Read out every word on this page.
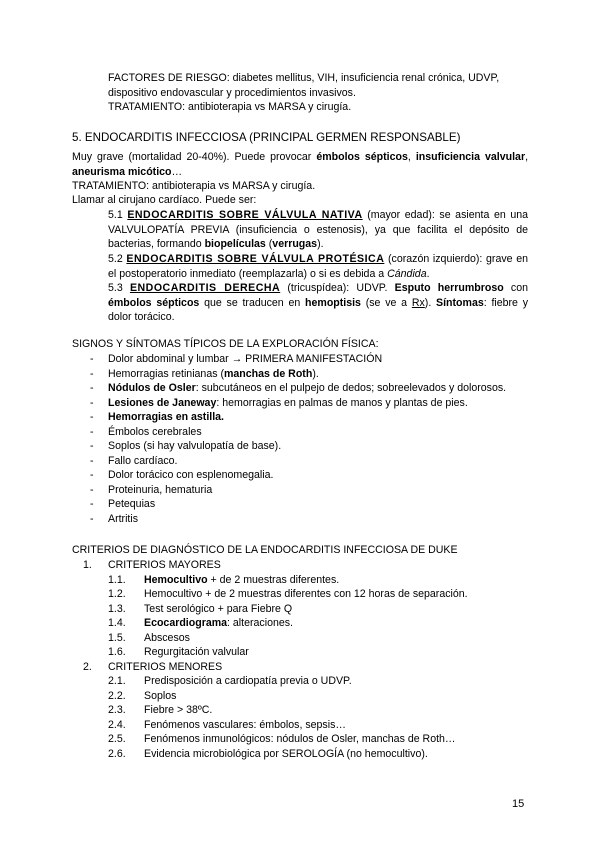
FACTORES DE RIESGO: diabetes mellitus, VIH, insuficiencia renal crónica, UDVP,
dispositivo endovascular y procedimientos invasivos.
TRATAMIENTO: antibioterapia vs MARSA y cirugía.
5. ENDOCARDITIS INFECCIOSA (PRINCIPAL GERMEN RESPONSABLE)
Muy grave (mortalidad 20-40%). Puede provocar émbolos sépticos, insuficiencia valvular, aneurisma micótico…
TRATAMIENTO: antibioterapia vs MARSA y cirugía.
Llamar al cirujano cardíaco. Puede ser:
5.1 ENDOCARDITIS SOBRE VÁLVULA NATIVA (mayor edad): se asienta en una VALVULOPATÍA PREVIA (insuficiencia o estenosis), ya que facilita el depósito de bacterias, formando biopelículas (verrugas).
5.2 ENDOCARDITIS SOBRE VÁLVULA PROTÉSICA (corazón izquierdo): grave en el postoperatorio inmediato (reemplazarla) o si es debida a Cándida.
5.3 ENDOCARDITIS DERECHA (tricuspídea): UDVP. Esputo herrumbroso con émbolos sépticos que se traducen en hemoptisis (se ve a Rx). Síntomas: fiebre y dolor torácico.
SIGNOS Y SÍNTOMAS TÍPICOS DE LA EXPLORACIÓN FÍSICA:
- Dolor abdominal y lumbar → PRIMERA MANIFESTACIÓN
- Hemorragias retinianas (manchas de Roth).
- Nódulos de Osler: subcutáneos en el pulpejo de dedos; sobreelevados y dolorosos.
- Lesiones de Janeway: hemorragias en palmas de manos y plantas de pies.
- Hemorragias en astilla.
- Émbolos cerebrales
- Soplos (si hay valvulopatía de base).
- Fallo cardíaco.
- Dolor torácico con esplenomegalia.
- Proteinuria, hematuria
- Petequias
- Artritis
CRITERIOS DE DIAGNÓSTICO DE LA ENDOCARDITIS INFECCIOSA DE DUKE
1. CRITERIOS MAYORES
1.1. Hemocultivo + de 2 muestras diferentes.
1.2. Hemocultivo + de 2 muestras diferentes con 12 horas de separación.
1.3. Test serológico + para Fiebre Q
1.4. Ecocardiograma: alteraciones.
1.5. Abscesos
1.6. Regurgitación valvular
2. CRITERIOS MENORES
2.1. Predisposición a cardiopatía previa o UDVP.
2.2. Soplos
2.3. Fiebre > 38ºC.
2.4. Fenómenos vasculares: émbolos, sepsis…
2.5. Fenómenos inmunológicos: nódulos de Osler, manchas de Roth…
2.6. Evidencia microbiológica por SEROLOGÍA (no hemocultivo).
15
